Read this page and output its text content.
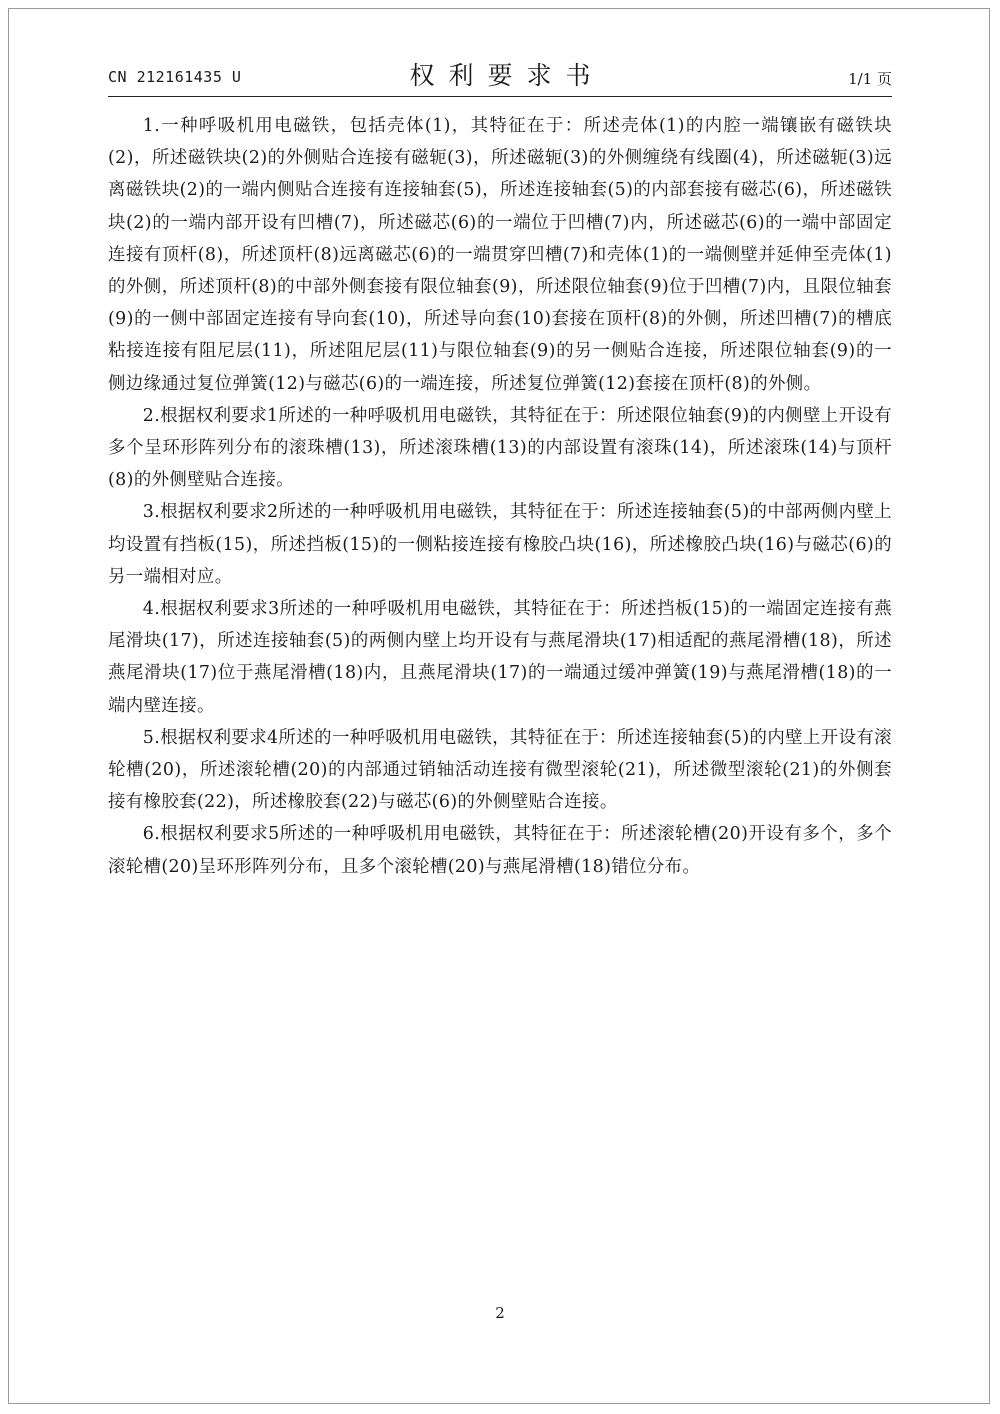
CN 212161435 U	权利要求书	1/1 页

1.一种呼吸机用电磁铁，包括壳体(1)，其特征在于：所述壳体(1)的内腔一端镶嵌有磁铁块(2)，所述磁铁块(2)的外侧贴合连接有磁轭(3)，所述磁轭(3)的外侧缠绕有线圈(4)，所述磁轭(3)远离磁铁块(2)的一端内侧贴合连接有连接轴套(5)，所述连接轴套(5)的内部套接有磁芯(6)，所述磁铁块(2)的一端内部开设有凹槽(7)，所述磁芯(6)的一端位于凹槽(7)内，所述磁芯(6)的一端中部固定连接有顶杆(8)，所述顶杆(8)远离磁芯(6)的一端贯穿凹槽(7)和壳体(1)的一端侧壁并延伸至壳体(1)的外侧，所述顶杆(8)的中部外侧套接有限位轴套(9)，所述限位轴套(9)位于凹槽(7)内，且限位轴套(9)的一侧中部固定连接有导向套(10)，所述导向套(10)套接在顶杆(8)的外侧，所述凹槽(7)的槽底粘接连接有阻尼层(11)，所述阻尼层(11)与限位轴套(9)的另一侧贴合连接，所述限位轴套(9)的一侧边缘通过复位弹簧(12)与磁芯(6)的一端连接，所述复位弹簧(12)套接在顶杆(8)的外侧。

2.根据权利要求1所述的一种呼吸机用电磁铁，其特征在于：所述限位轴套(9)的内侧壁上开设有多个呈环形阵列分布的滚珠槽(13)，所述滚珠槽(13)的内部设置有滚珠(14)，所述滚珠(14)与顶杆(8)的外侧壁贴合连接。

3.根据权利要求2所述的一种呼吸机用电磁铁，其特征在于：所述连接轴套(5)的中部两侧内壁上均设置有挡板(15)，所述挡板(15)的一侧粘接连接有橡胶凸块(16)，所述橡胶凸块(16)与磁芯(6)的另一端相对应。

4.根据权利要求3所述的一种呼吸机用电磁铁，其特征在于：所述挡板(15)的一端固定连接有燕尾滑块(17)，所述连接轴套(5)的两侧内壁上均开设有与燕尾滑块(17)相适配的燕尾滑槽(18)，所述燕尾滑块(17)位于燕尾滑槽(18)内，且燕尾滑块(17)的一端通过缓冲弹簧(19)与燕尾滑槽(18)的一端内壁连接。

5.根据权利要求4所述的一种呼吸机用电磁铁，其特征在于：所述连接轴套(5)的内壁上开设有滚轮槽(20)，所述滚轮槽(20)的内部通过销轴活动连接有微型滚轮(21)，所述微型滚轮(21)的外侧套接有橡胶套(22)，所述橡胶套(22)与磁芯(6)的外侧壁贴合连接。

6.根据权利要求5所述的一种呼吸机用电磁铁，其特征在于：所述滚轮槽(20)开设有多个，多个滚轮槽(20)呈环形阵列分布，且多个滚轮槽(20)与燕尾滑槽(18)错位分布。

2
